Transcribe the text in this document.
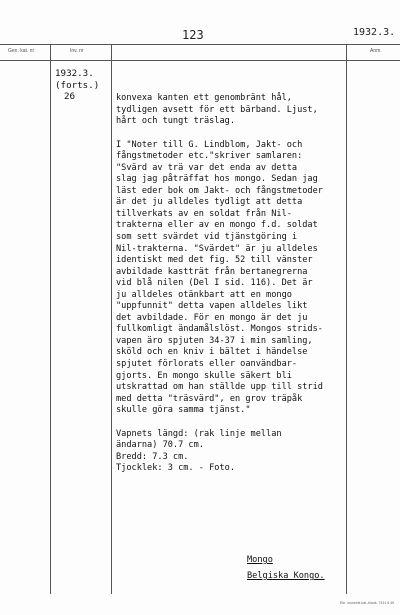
123	1932.3.
Gen. kat. nr	Inv. nr	Anm.
1932.3.
(forts.)
26	konvexa kanten ett genombränt hål,
tydligen avsett för ett bärband. Ljust,
hårt och tungt träslag.
I "Noter till G. Lindblom, Jakt- och
fångstmetoder etc."skriver samlaren:
"Svärd av trä var det enda av detta
slag jag påträffat hos mongo. Sedan jag
läst eder bok om Jakt- och fångstmetoder
är det ju alldeles tydligt att detta
tillverkats av en soldat från Nil-
trakterna eller av en mongo f.d. soldat
som sett svärdet vid tjänstgöring i
Nil-trakterna. "Svärdet" är ju alldeles
identiskt med det fig. 52 till vänster
avbildade kastträt från bertanegrerna
vid blå nilen (Del I sid. 116). Det är
ju alldeles otänkbart att en mongo
"uppfunnit" detta vapen alldeles likt
det avbildade. För en mongo är det ju
fullkomligt ändamålslöst. Mongos strids-
vapen äro spjuten 34-37 i min samling,
sköld och en kniv i bältet i händelse
spjutet förlorats eller oanvändbar-
gjorts. En mongo skulle säkert bli
utskrattad om han ställde upp till strid
med detta "träsvärd", en grov träpåk
skulle göra samma tjänst."
Vapnets längd: (rak linje mellan
ändarna) 70.7 cm.
Bredd: 7.3 cm.
Tjocklek: 3 cm. - Foto.
Mongo
Belgiska Kongo.
Etn. museets kat.-blank. 7431 6 49
